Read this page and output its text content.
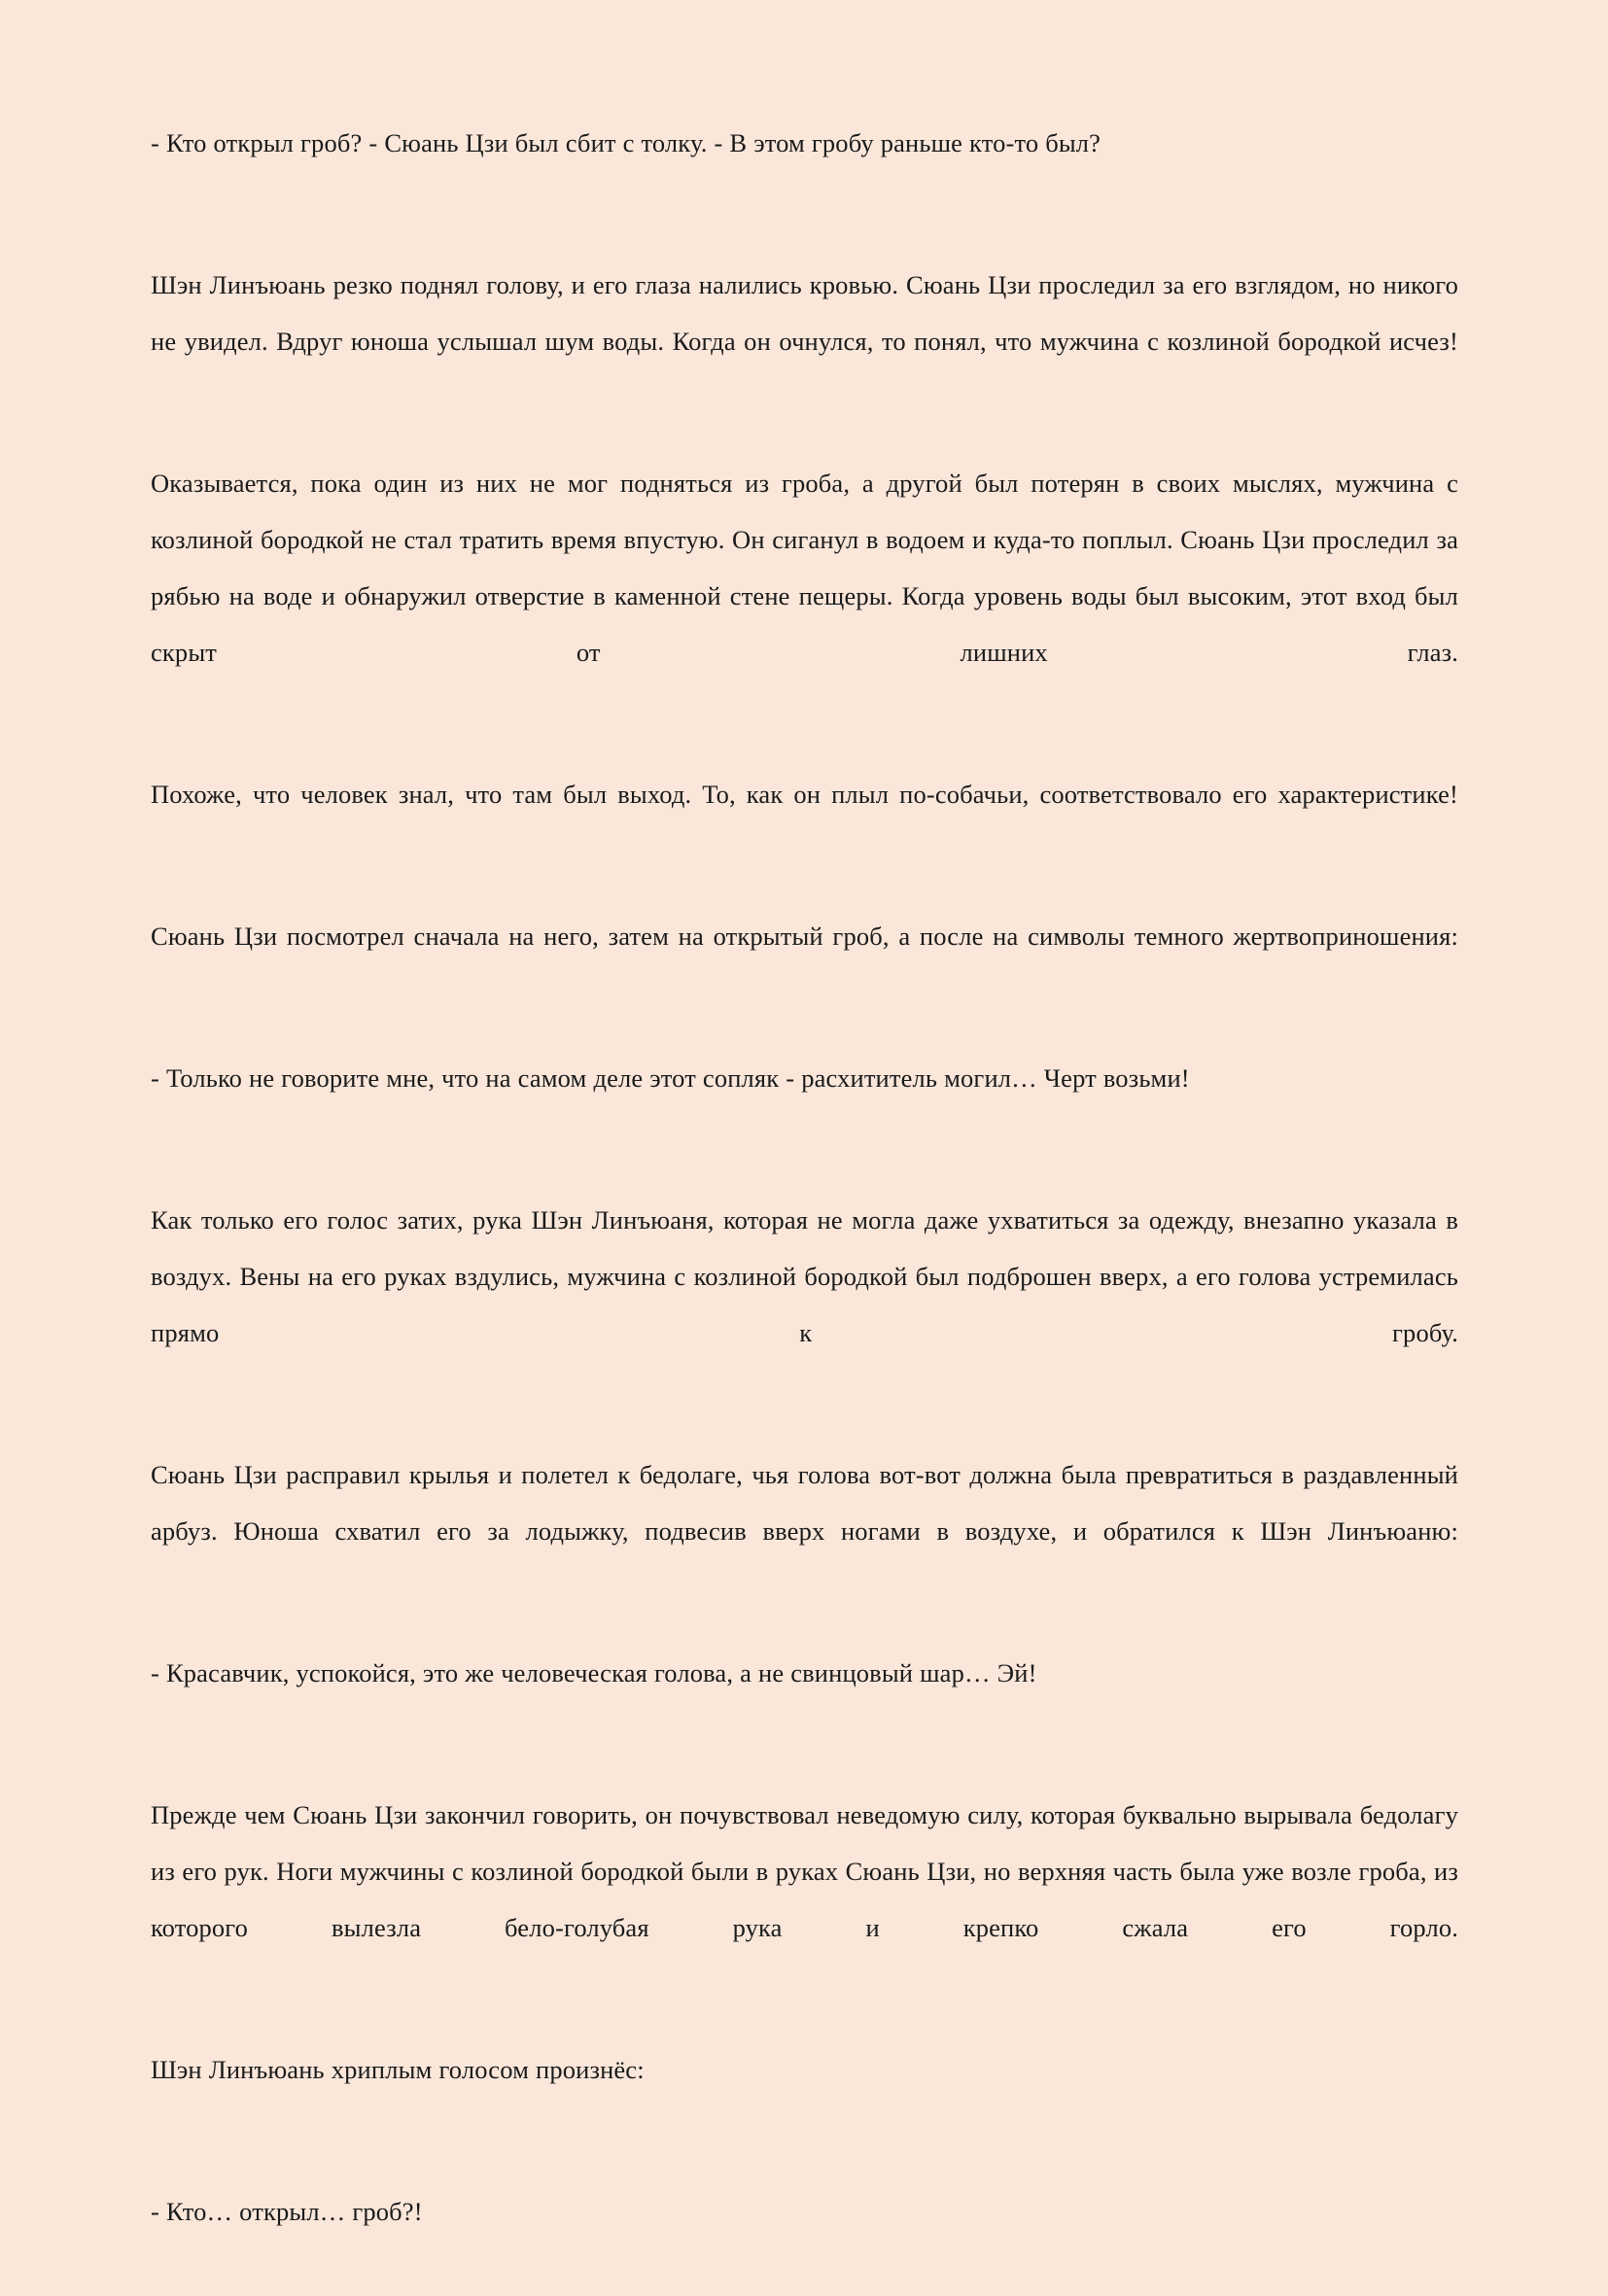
- Кто открыл гроб? - Сюань Цзи был сбит с толку. - В этом гробу раньше кто-то был?

Шэн Линъюань резко поднял голову, и его глаза налились кровью. Сюань Цзи проследил за его взглядом, но никого не увидел. Вдруг юноша услышал шум воды. Когда он очнулся, то понял, что мужчина с козлиной бородкой исчез!

Оказывается, пока один из них не мог подняться из гроба, а другой был потерян в своих мыслях, мужчина с козлиной бородкой не стал тратить время впустую. Он сиганул в водоем и куда-то поплыл. Сюань Цзи проследил за рябью на воде и обнаружил отверстие в каменной стене пещеры. Когда уровень воды был высоким, этот вход был скрыт от лишних глаз.

Похоже, что человек знал, что там был выход. То, как он плыл по-собачьи, соответствовало его характеристике!

Сюань Цзи посмотрел сначала на него, затем на открытый гроб, а после на символы темного жертвоприношения:

- Только не говорите мне, что на самом деле этот сопляк - расхититель могил… Черт возьми!

Как только его голос затих, рука Шэн Линъюаня, которая не могла даже ухватиться за одежду, внезапно указала в воздух. Вены на его руках вздулись, мужчина с козлиной бородкой был подброшен вверх, а его голова устремилась прямо к гробу.

Сюань Цзи расправил крылья и полетел к бедолаге, чья голова вот-вот должна была превратиться в раздавленный арбуз. Юноша схватил его за лодыжку, подвесив вверх ногами в воздухе, и обратился к Шэн Линъюаню:

- Красавчик, успокойся, это же человеческая голова, а не свинцовый шар… Эй!

Прежде чем Сюань Цзи закончил говорить, он почувствовал неведомую силу, которая буквально вырывала бедолагу из его рук. Ноги мужчины с козлиной бородкой были в руках Сюань Цзи, но верхняя часть была уже возле гроба, из которого вылезла бело-голубая рука и крепко сжала его горло.

Шэн Линъюань хриплым голосом произнёс:

- Кто… открыл… гроб?!
